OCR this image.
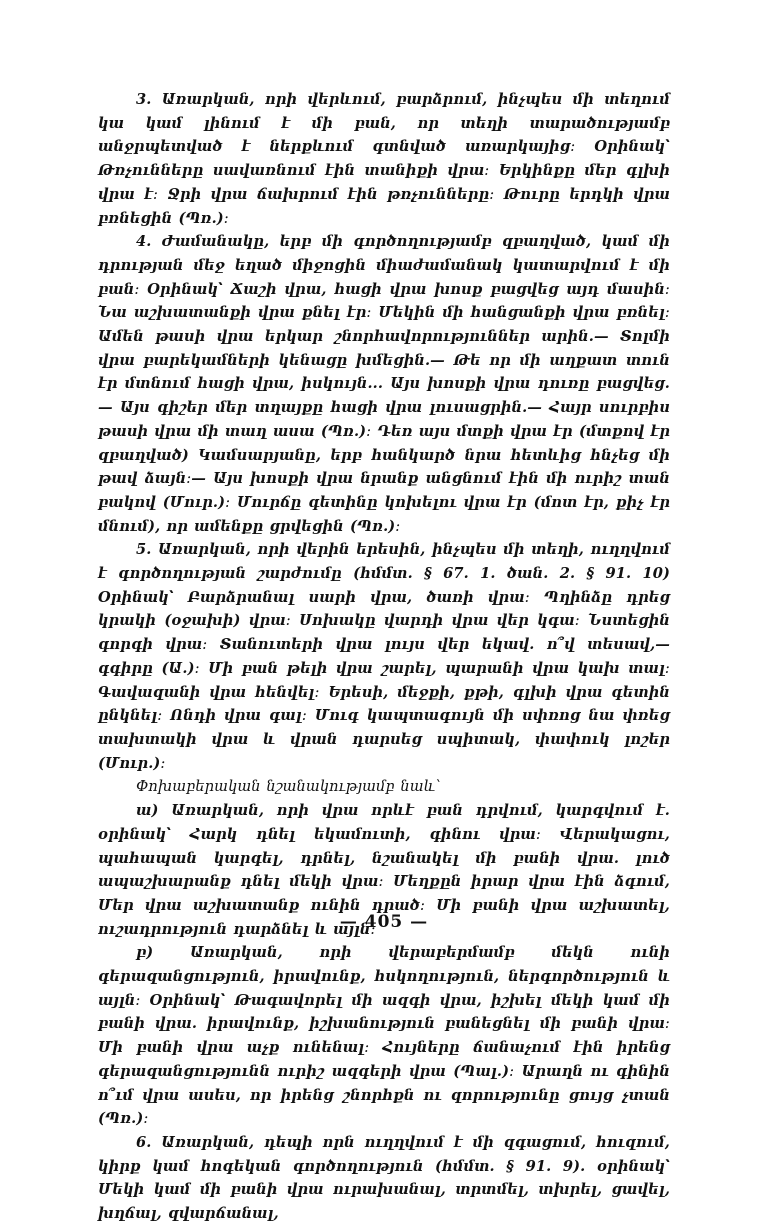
3. Առարկան, որի վերևում, բարձրում, ինչպես մի տեղում կա կամ լինում է մի բան, որ տեղի տարածությամբ անջրպետված է ներքևում գտնված առարկայից։ Օրինակ՝ Թռչունները սավառնում էին տանիքի վրա։ Երկինքը մեր գլխի վրա է։ Ջրի վրա ճախրում էին թռչունները։ Թուրը երդկի վրա բռնեցին (Պռ.)։

4. Ժամանակը, երբ մի գործողությամբ զբաղված, կամ մի դրության մեջ եղած միջոցին միաժամանակ կատարվում է մի բան։ Օրինակ՝ Ճաշի վրա, հացի վրա խոսք բացվեց այդ մասին։ Նա աշխատանքի վրա քնել էր։ Մեկին մի հանցանքի վրա բռնել։ Ամեն թասի վրա երկար շնորհավորություններ արին.— Տոլմի վրա բարեկամների կենացը խմեցին.— Թե որ մի աղքատ տուն էր մտնում հացի վրա, իսկույն... Այս խոսքի վրա դուռը բացվեց.— Այս գիշեր մեր տղայքը հացի վրա լուսացրին.— Հայր սուրբիս թասի վրա մի տաղ ասա (Պռ.)։ Դեռ այս մտքի վրա էր (մտքով էր զբաղված) Կամսարյանը, երբ հանկարծ նրա հետևից հնչեց մի թավ ձայն։— Այս խոսքի վրա նրանք անցնում էին մի ուրիշ տան բակով (Մուր.)։ Մուրճը գետինը կոխելու վրա էր (մոտ էր, քիչ էր մնում), որ ամենքը ցրվեցին (Պռ.)։

5. Առարկան, որի վերին երեսին, ինչպես մի տեղի, ուղղվում է գործողության շարժումը (հմմտ. § 67. 1. ծան. 2. § 91. 10) Օրինակ՝ Բարձրանալ սարի վրա, ծառի վրա։ Պղինձը դրեց կրակի (օջախի) վրա։ Սոխակը վարդի վրա վեր կգա։ Նստեցին գորգի վրա։ Տանուտերի վրա լույս վեր եկավ. ո՞վ տեսավ,— գգիրը (Ա.)։ Մի բան թելի վրա շարել, պարանի վրա կախ տալ։ Գավազանի վրա հենվել։ Երեսի, մեջքի, քթի, գլխի վրա գետին ընկնել։ Ոնդի վրա գալ։ Մուգ կապտագույն մի սփռոց նա փռեց տախտակի վրա և վրան դարսեց սպիտակ, փափուկ լոշեր (Մուր.)։

Փոխաբերական նշանակությամբ նաև՝

ա) Առարկան, որի վրա որևէ բան դրվում, կարգվում է. օրինակ՝ Հարկ դնել եկամուտի, գինու վրա։ Վերակացու, պահապան կարգել, դրնել, նշանակել մի բանի վրա. լուծ ապաշխարանք դնել մեկի վրա։ Մեղքըն իրար վրա էին ձգում, Մեր վրա աշխատանք ունին դրած։ Մի բանի վրա աշխատել, ուշադրություն դարձնել և այլն։

բ) Առարկան, որի վերաբերմամբ մեկն ունի գերազանցություն, իրավունք, հսկողություն, ներգործություն և այլն։ Օրինակ՝ Թագավորել մի ազգի վրա, իշխել մեկի կամ մի բանի վրա. իրավունք, իշխանություն բանեցնել մի բանի վրա։ Մի բանի վրա աչք ունենալ։ Հույները ճանաչում էին իրենց գերազանցությունն ուրիշ ազգերի վրա (Պալ.)։ Արաղն ու գինին ո՞ւմ վրա ասես, որ իրենց շնորհքն ու զորությունը ցույց չտան (Պռ.)։

6. Առարկան, դեպի որն ուղղվում է մի զգացում, հուզում, կիրք կամ հոգեկան գործողություն (հմմտ. § 91. 9). օրինակ՝ Մեկի կամ մի բանի վրա ուրախանալ, տրտմել, տխրել, ցավել, խղճալ, զվարճանալ,

— 405 —
